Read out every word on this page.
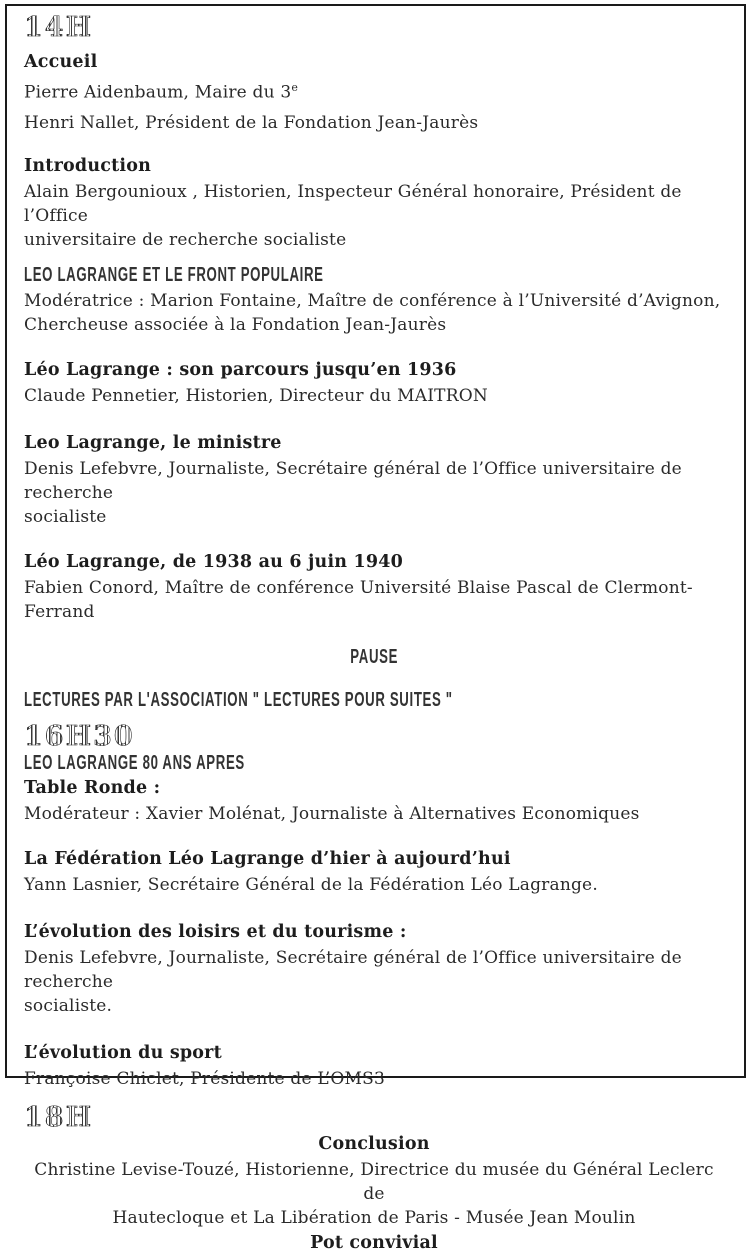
14H
Accueil
Pierre Aidenbaum, Maire du 3e
Henri Nallet, Président de la Fondation Jean-Jaurès
Introduction
Alain Bergounioux , Historien, Inspecteur Général honoraire, Président de l’Office
universitaire de recherche socialiste
LEO LAGRANGE ET LE FRONT POPULAIRE
Modératrice : Marion Fontaine, Maître de conférence à l’Université d’Avignon,
Chercheuse associée à la Fondation Jean-Jaurès
Léo Lagrange : son parcours jusqu’en 1936
Claude Pennetier, Historien, Directeur du MAITRON
Leo Lagrange, le ministre
Denis Lefebvre, Journaliste, Secrétaire général de l’Office universitaire de recherche
socialiste
Léo Lagrange, de 1938 au 6 juin 1940
Fabien Conord, Maître de conférence Université Blaise Pascal de Clermont-Ferrand
PAUSE
LECTURES PAR L'ASSOCIATION " LECTURES POUR SUITES "
16H30
LEO LAGRANGE 80 ANS APRES
Table Ronde :
Modérateur : Xavier Molénat, Journaliste à Alternatives Economiques
La Fédération Léo Lagrange d’hier à aujourd’hui
Yann Lasnier, Secrétaire Général de la Fédération Léo Lagrange.
L’évolution des loisirs et du tourisme :
Denis Lefebvre, Journaliste, Secrétaire général de l’Office universitaire de recherche
socialiste.
L’évolution du sport
Françoise Chiclet, Présidente de L’OMS3
18H
Conclusion
Christine Levise-Touzé, Historienne, Directrice du musée du Général Leclerc de
Hautecloque et La Libération de Paris - Musée Jean Moulin
Pot convivial
